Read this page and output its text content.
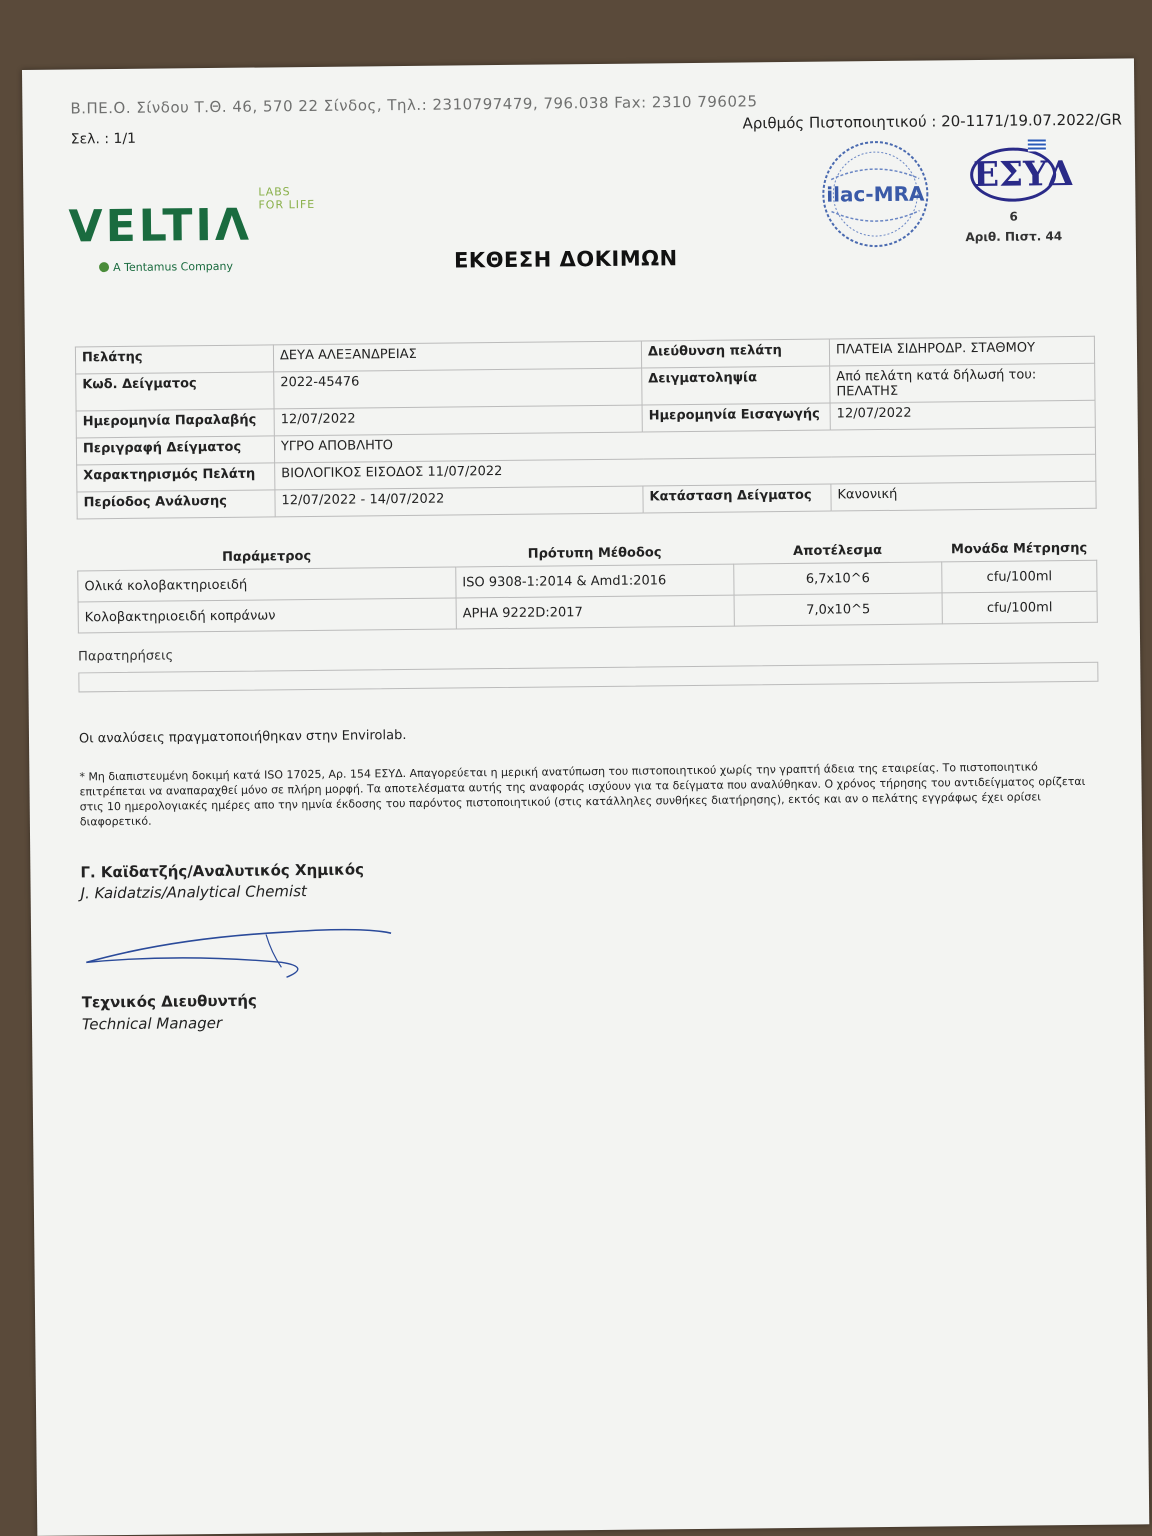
Β.ΠΕ.Ο. Σίνδου Τ.Θ. 46, 570 22 Σίνδος, Τηλ.: 2310797479, 796.038 Fax: 2310 796025
Σελ. : 1/1
Αριθμός Πιστοποιητικού : 20-1171/19.07.2022/GR
VELTIΛ
LABS
FOR LIFE
A Tentamus Company	ΕΚΘΕΣΗ ΔΟΚΙΜΩΝ
ilac-MRA ΕΣΥΔ
6
Αριθ. Πιστ. 44
Πελάτης	ΔΕΥΑ ΑΛΕΞΑΝΔΡΕΙΑΣ	Διεύθυνση πελάτη	ΠΛΑΤΕΙΑ ΣΙΔΗΡΟΔΡ. ΣΤΑΘΜΟΥ
Κωδ. Δείγματος	2022-45476	Δειγματοληψία	Από πελάτη κατά δήλωσή του:
ΠΕΛΑΤΗΣ

Ημερομηνία Παραλαβής	12/07/2022	Ημερομηνία Εισαγωγής	12/07/2022
Περιγραφή Δείγματος	ΥΓΡΟ ΑΠΟΒΛΗΤΟ		
Χαρακτηρισμός Πελάτη	ΒΙΟΛΟΓΙΚΟΣ ΕΙΣΟΔΟΣ 11/07/2022		
Περίοδος Ανάλυσης	12/07/2022 - 14/07/2022	Κατάσταση Δείγματος	Κανονική
Παράμετρος	Πρότυπη Μέθοδος	Αποτέλεσμα	Μονάδα Μέτρησης
Ολικά κολοβακτηριοειδή	ISO 9308-1:2014 & Amd1:2016	6,7x10^6	cfu/100ml
Κολοβακτηριοειδή κοπράνων	APHA 9222D:2017	7,0x10^5	cfu/100ml
Παρατηρήσεις
Οι αναλύσεις πραγματοποιήθηκαν στην Envirolab.
* Μη διαπιστευμένη δοκιμή κατά ISO 17025, Αρ. 154 ΕΣΥΔ. Απαγορεύεται η μερική ανατύπωση του πιστοποιητικού χωρίς την γραπτή άδεια της εταιρείας. Το πιστοποιητικό επιτρέπεται να αναπαραχθεί μόνο σε πλήρη μορφή. Τα αποτελέσματα αυτής της αναφοράς ισχύουν για τα δείγματα που αναλύθηκαν. Ο χρόνος τήρησης του αντιδείγματος ορίζεται στις 10 ημερολογιακές ημέρες απο την ημνία έκδοσης του παρόντος πιστοποιητικού (στις κατάλληλες συνθήκες διατήρησης), εκτός και αν ο πελάτης εγγράφως έχει ορίσει διαφορετικό.
Γ. Καϊδατζής/Αναλυτικός Χημικός
J. Kaidatzis/Analytical Chemist
Τεχνικός Διευθυντής
Technical Manager
